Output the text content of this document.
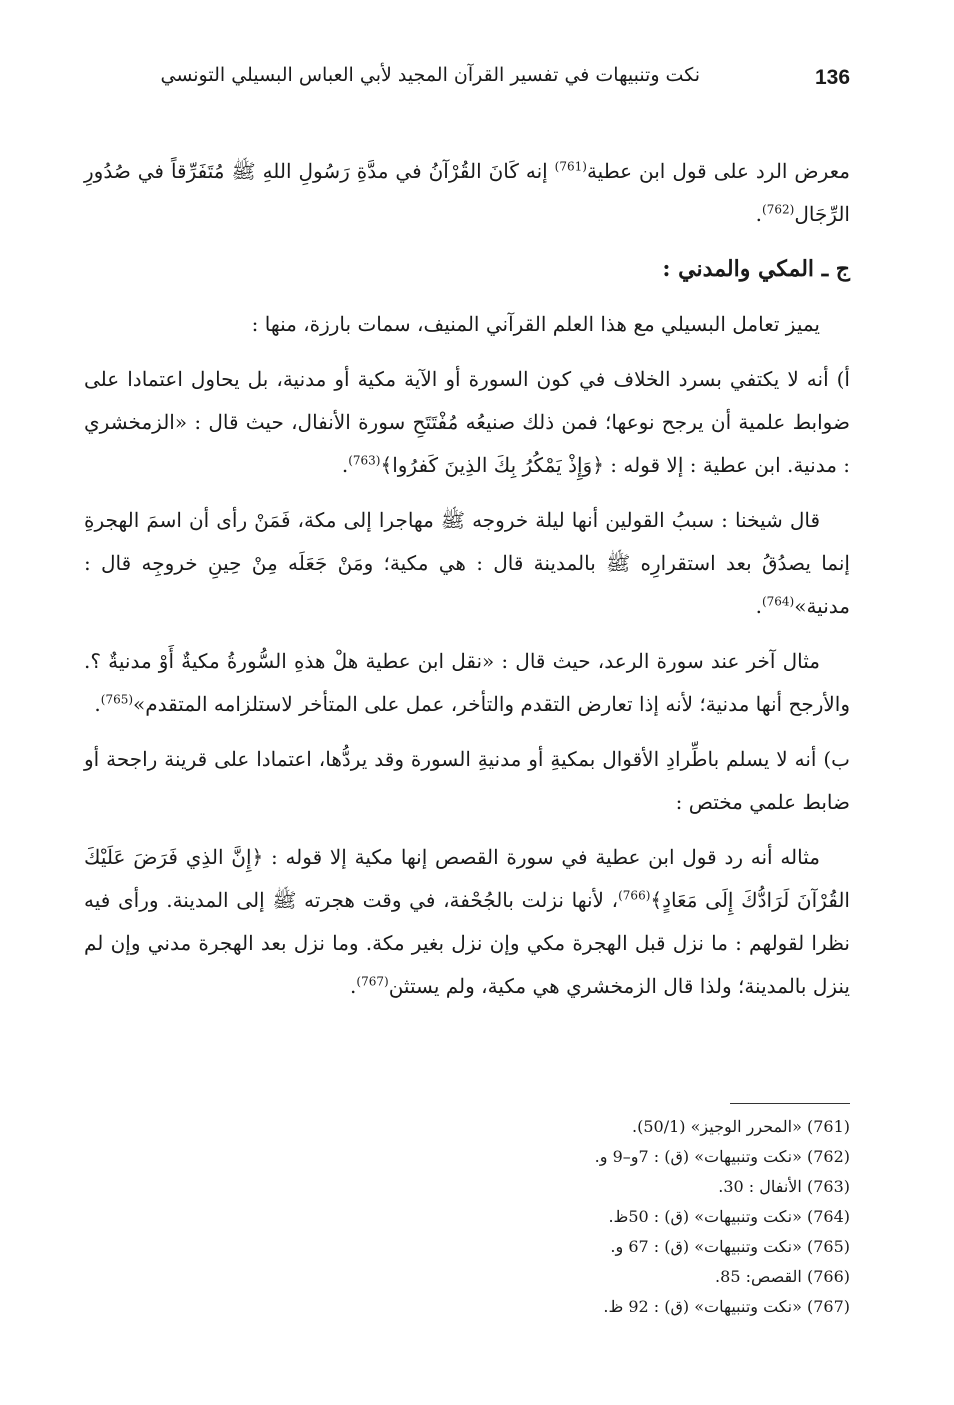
نكت وتنبيهات في تفسير القرآن المجيد لأبي العباس البسيلي التونسي	136

معرض الرد على قول ابن عطية$^{(761)}$ إنه كَانَ القُرْآنُ في مدَّةِ رَسُولِ اللهِ ﷺ مُتَفَرِّقاً في صُدُورِ الرِّجَال$^{(762)}$.

ج ـ المكي والمدني :

يميز تعامل البسيلي مع هذا العلم القرآني المنيف، سمات بارزة، منها :

أ) أنه لا يكتفي بسرد الخلاف في كون السورة أو الآية مكية أو مدنية، بل يحاول اعتمادا على ضوابط علمية أن يرجح نوعها؛ فمن ذلك صنيعُه مُفْتَتَحِ سورة الأنفال، حيث قال : «الزمخشري : مدنية. ابن عطية : إلا قوله : ﴿وَإِذْ يَمْكُرُ بِكَ الذِينَ كَفرُوا﴾$^{(763)}$.

قال شيخنا : سببُ القولين أنها ليلة خروجه ﷺ مهاجرا إلى مكة، فَمَنْ رأى أن اسمَ الهجرةِ إنما يصدُقُ بعد استقرارِه ﷺ بالمدينة قال : هي مكية؛ ومَنْ جَعَلَه مِنْ حِينِ خروجِه قال : مدنية»$^{(764)}$.

مثال آخر عند سورة الرعد، حيث قال : «نقل ابن عطية هلْ هذهِ السُّورةُ مكيةٌ أَوْ مدنيةٌ ؟. والأرجح أنها مدنية؛ لأنه إذا تعارض التقدم والتأخر، عمل على المتأخر لاستلزامه المتقدم»$^{(765)}$.

ب) أنه لا يسلم باطِّرادِ الأقوال بمكيةِ أو مدنيةِ السورة وقد يردُّها، اعتمادا على قرينة راجحة أو ضابط علمي مختص :

مثاله أنه رد قول ابن عطية في سورة القصص إنها مكية إلا قوله : ﴿إِنَّ الذِي فَرَضَ عَلَيْكَ القُرْآنَ لَرَادُّكَ إِلَى مَعَادٍ﴾$^{(766)}$، لأنها نزلت بالجُحْفة، في وقت هجرته ﷺ إلى المدينة. ورأى فيه نظرا لقولهم : ما نزل قبل الهجرة مكي وإن نزل بغير مكة. وما نزل بعد الهجرة مدني وإن لم ينزل بالمدينة؛ ولذا قال الزمخشري هي مكية، ولم يستثن$^{(767)}$.

(761) «المحرر الوجيز» (50/1).
(762) «نكت وتنبيهات» (ق) : 7و–9 و.
(763) الأنفال : 30.
(764) «نكت وتنبيهات» (ق) : 50ظ.
(765) «نكت وتنبيهات» (ق) : 67 و.
(766) القصص: 85.
(767) «نكت وتنبيهات» (ق) : 92 ظ.
